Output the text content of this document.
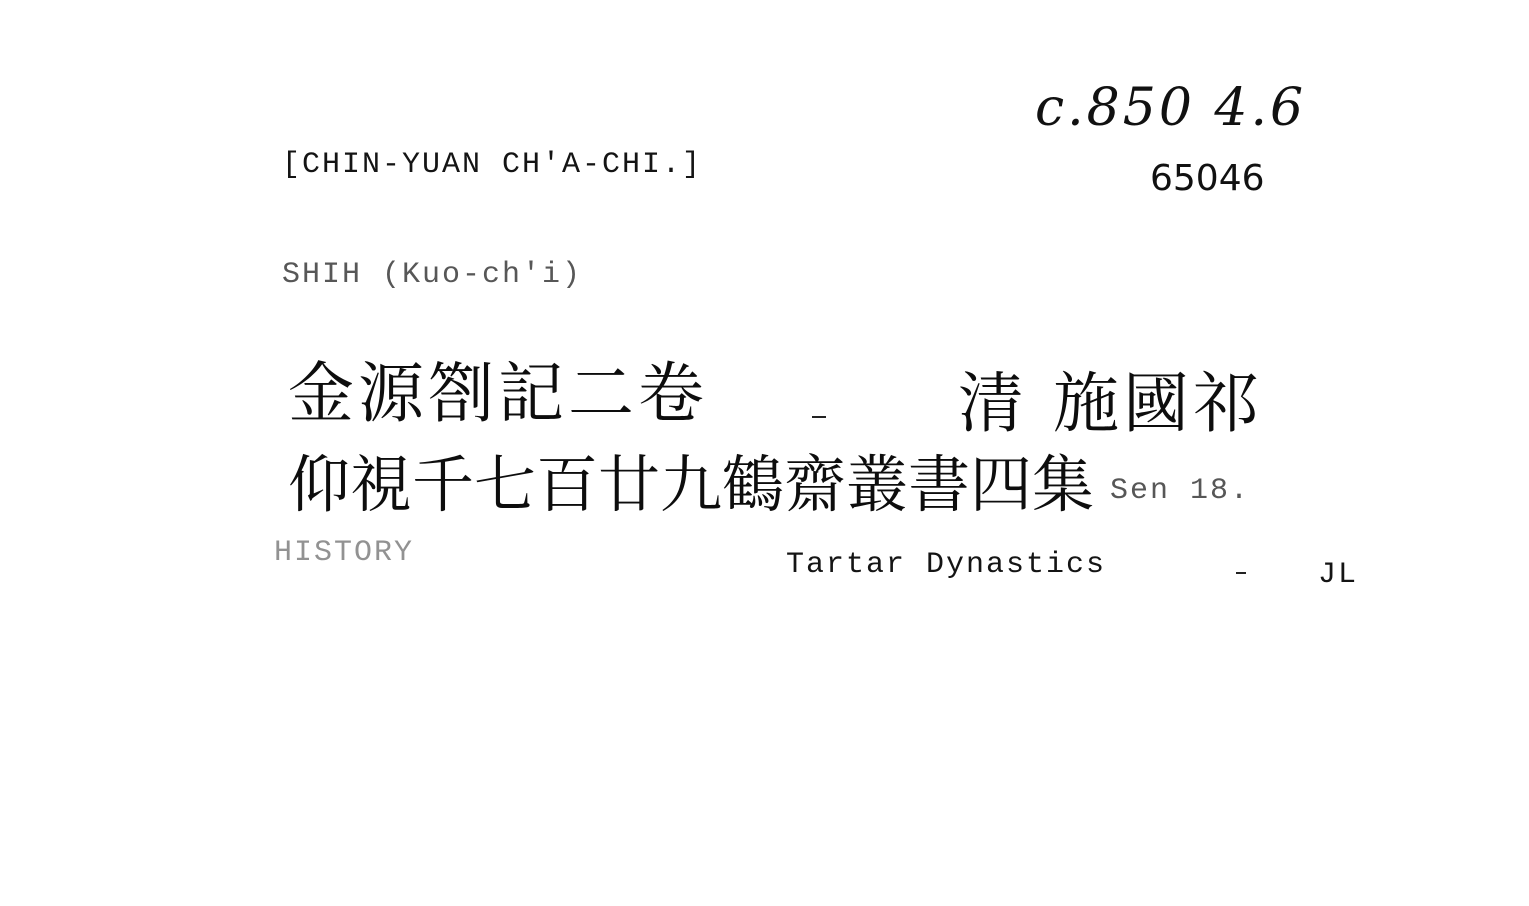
c.850 4.6
65046
[CHIN-YUAN CH'A-CHI.]
SHIH (Kuo-ch'i)
金源劄記二卷	清 施國祁
仰視千七百廿九鶴齋叢書四集 Sen 18.
HISTORY	Tartar Dynastics	JL
